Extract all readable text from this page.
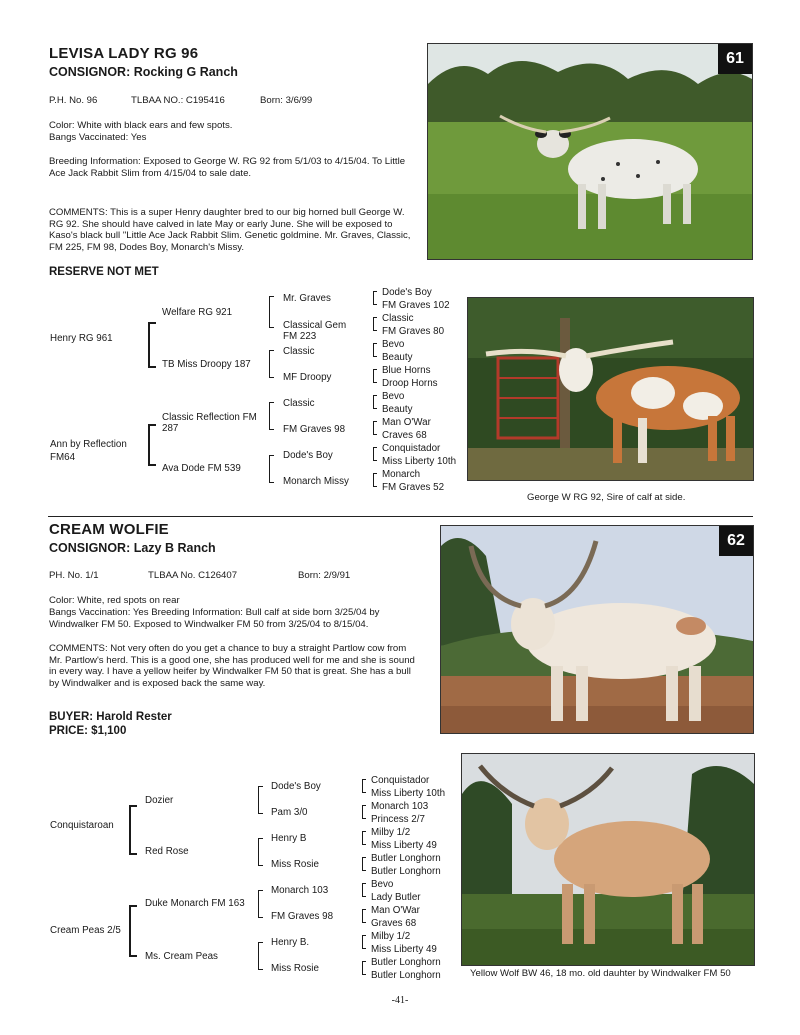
LEVISA LADY RG 96
CONSIGNOR: Rocking G Ranch
P.H. No. 96	TLBAA NO.: C195416	Born: 3/6/99
Color: White with black ears and few spots.
Bangs Vaccinated: Yes
Breeding Information: Exposed to George W. RG 92 from 5/1/03 to 4/15/04. To Little Ace Jack Rabbit Slim from 4/15/04 to sale date.
COMMENTS: This is a super Henry daughter bred to our big horned bull George W. RG 92. She should have calved in late May or early June. She will be exposed to Kaso's black bull "Little Ace Jack Rabbit Slim. Genetic goldmine. Mr. Graves, Classic, FM 225, FM 98, Dodes Boy, Monarch's Missy.
RESERVE NOT MET
61
Henry RG 961
Ann by Reflection FM64
Welfare RG 921
TB Miss Droopy 187
Classic Reflection FM 287
Ava Dode FM 539
Mr. Graves
Classical Gem FM 223
Classic
MF Droopy
Classic
FM Graves 98
Dode's Boy
Monarch Missy
Dode's Boy
FM Graves 102
Classic
FM Graves 80
Bevo
Beauty
Blue Horns
Droop Horns
Bevo
Beauty
Man O'War
Craves 68
Conquistador
Miss Liberty 10th
Monarch
FM Graves 52
George W RG 92, Sire of calf at side.
CREAM WOLFIE
CONSIGNOR: Lazy B Ranch
PH. No. 1/1	TLBAA No. C126407	Born: 2/9/91
Color: White, red spots on rear
Bangs Vaccination: Yes Breeding Information: Bull calf at side born 3/25/04 by Windwalker FM 50. Exposed to Windwalker FM 50 from 3/25/04 to 8/15/04.
COMMENTS: Not very often do you get a chance to buy a straight Partlow cow from Mr. Partlow's herd. This is a good one, she has produced well for me and she is sound in every way. I have a yellow heifer by Windwalker FM 50 that is great. She has a bull by Windwalker and is exposed back the same way.
BUYER: Harold Rester
PRICE: $1,100
62
Conquistaroan
Cream Peas 2/5
Dozier
Red Rose
Duke Monarch FM 163
Ms. Cream Peas
Dode's Boy
Pam 3/0
Henry B
Miss Rosie
Monarch 103
FM Graves 98
Henry B.
Miss Rosie
Conquistador
Miss Liberty 10th
Monarch 103
Princess 2/7
Milby 1/2
Miss Liberty 49
Butler Longhorn
Butler Longhorn
Bevo
Lady Butler
Man O'War
Graves 68
Milby 1/2
Miss Liberty 49
Butler Longhorn
Butler Longhorn	Yellow Wolf BW 46, 18 mo. old dauhter by Windwalker FM 50
-41-
